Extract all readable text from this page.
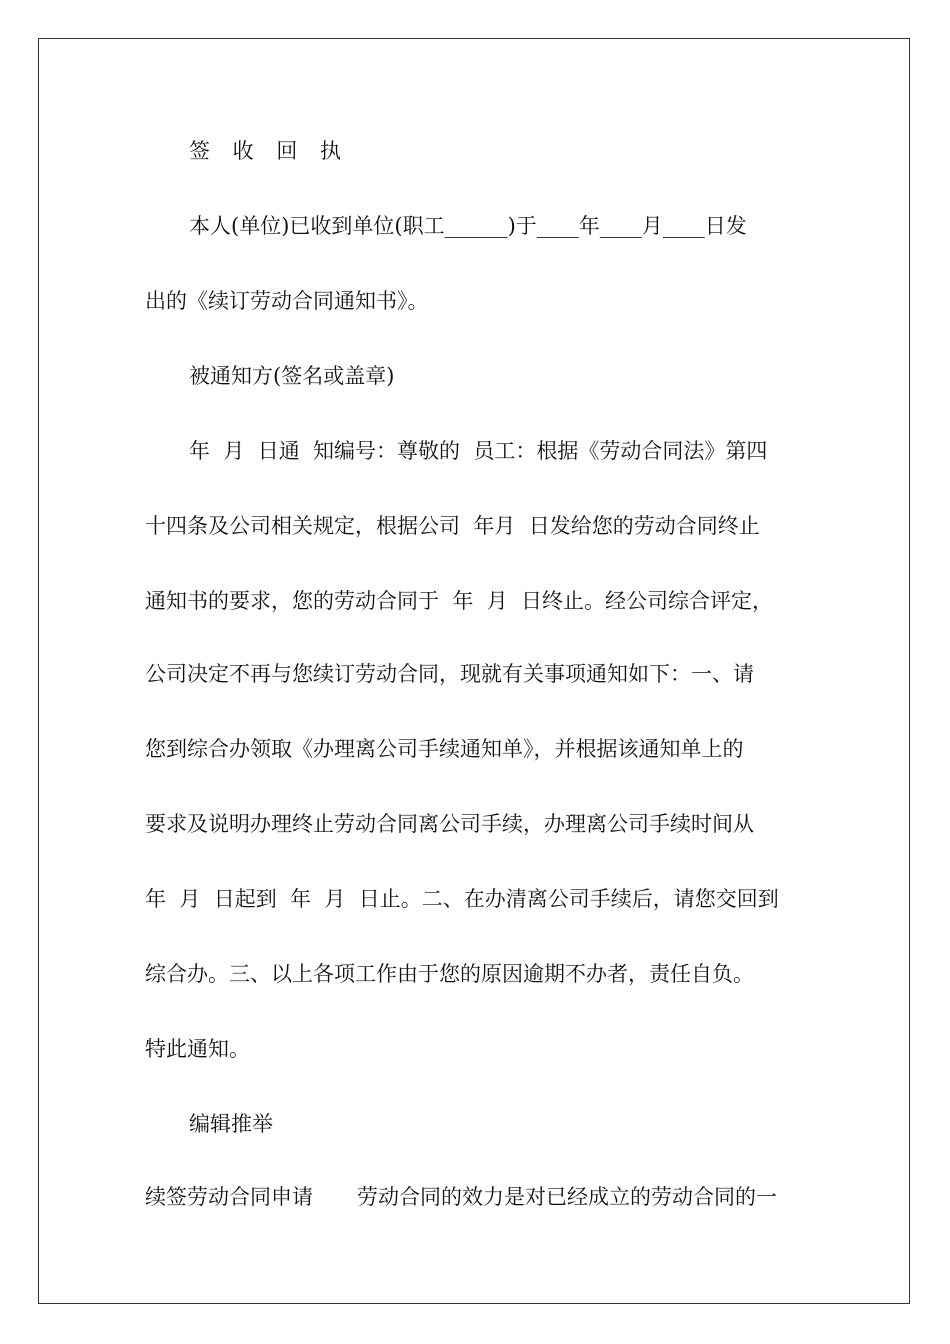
签 收 回 执
本人(单位)已收到单位(职工______)于____年____月____日发
出的《续订劳动合同通知书》。
被通知方(签名或盖章)
年  月  日通  知编号：尊敬的  员工：根据《劳动合同法》第四
十四条及公司相关规定，根据公司  年月  日发给您的劳动合同终止
通知书的要求，您的劳动合同于  年  月  日终止。经公司综合评定，
公司决定不再与您续订劳动合同，现就有关事项通知如下：一、请
您到综合办领取《办理离公司手续通知单》，并根据该通知单上的
要求及说明办理终止劳动合同离公司手续，办理离公司手续时间从
年  月  日起到  年  月  日止。二、在办清离公司手续后，请您交回到
综合办。三、以上各项工作由于您的原因逾期不办者，责任自负。
特此通知。
编辑推举
续签劳动合同申请 劳动合同的效力是对已经成立的劳动合同的一
